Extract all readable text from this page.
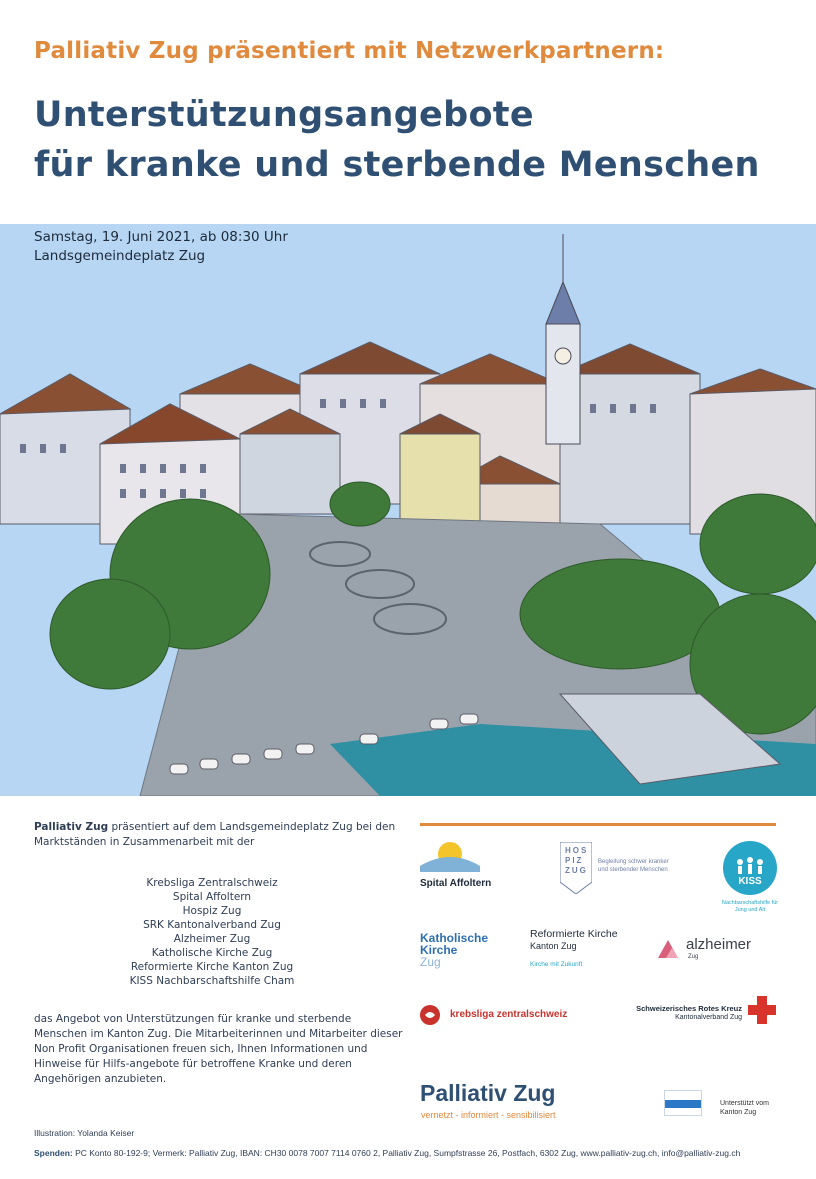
Palliativ Zug präsentiert mit Netzwerkpartnern:
Unterstützungsangebote
für kranke und sterbende Menschen
Samstag, 19. Juni 2021, ab 08:30 Uhr
Landsgemeindeplatz Zug
Palliativ Zug präsentiert auf dem Landsgemeindeplatz Zug bei den Marktständen in Zusammenarbeit mit der
Krebsliga Zentralschweiz
Spital Affoltern
Hospiz Zug
SRK Kantonalverband Zug
Alzheimer Zug
Katholische Kirche Zug
Reformierte Kirche Kanton Zug
KISS Nachbarschaftshilfe Cham
das Angebot von Unterstützungen für kranke und sterbende Menschen im Kanton Zug. Die Mitarbeiterinnen und Mitarbeiter dieser Non Profit Organisationen freuen sich, Ihnen Informationen und Hinweise für Hilfs-angebote für betroffene Kranke und deren Angehörigen anzubieten.
Spital Affoltern
HOS
PIZ
ZUG
Begleitung schwer kranker
und sterbender Menschen
KISS
Nachbarschaftshilfe für
Jung und Alt
Katholische
Kirche
Zug
Reformierte Kirche
Kanton Zug
Kirche mit Zukunft
alzheimer
Zug
krebsliga zentralschweiz
Schweizerisches Rotes Kreuz
Kantonalverband Zug
Palliativ Zug
vernetzt - informiert - sensibilisiert
Unterstützt vom
Kanton Zug
Illustration: Yolanda Keiser
Spenden: PC Konto 80-192-9; Vermerk: Palliativ Zug, IBAN: CH30 0078 7007 7114 0760 2, Palliativ Zug, Sumpfstrasse 26, Postfach, 6302 Zug, www.palliativ-zug.ch, info@palliativ-zug.ch
